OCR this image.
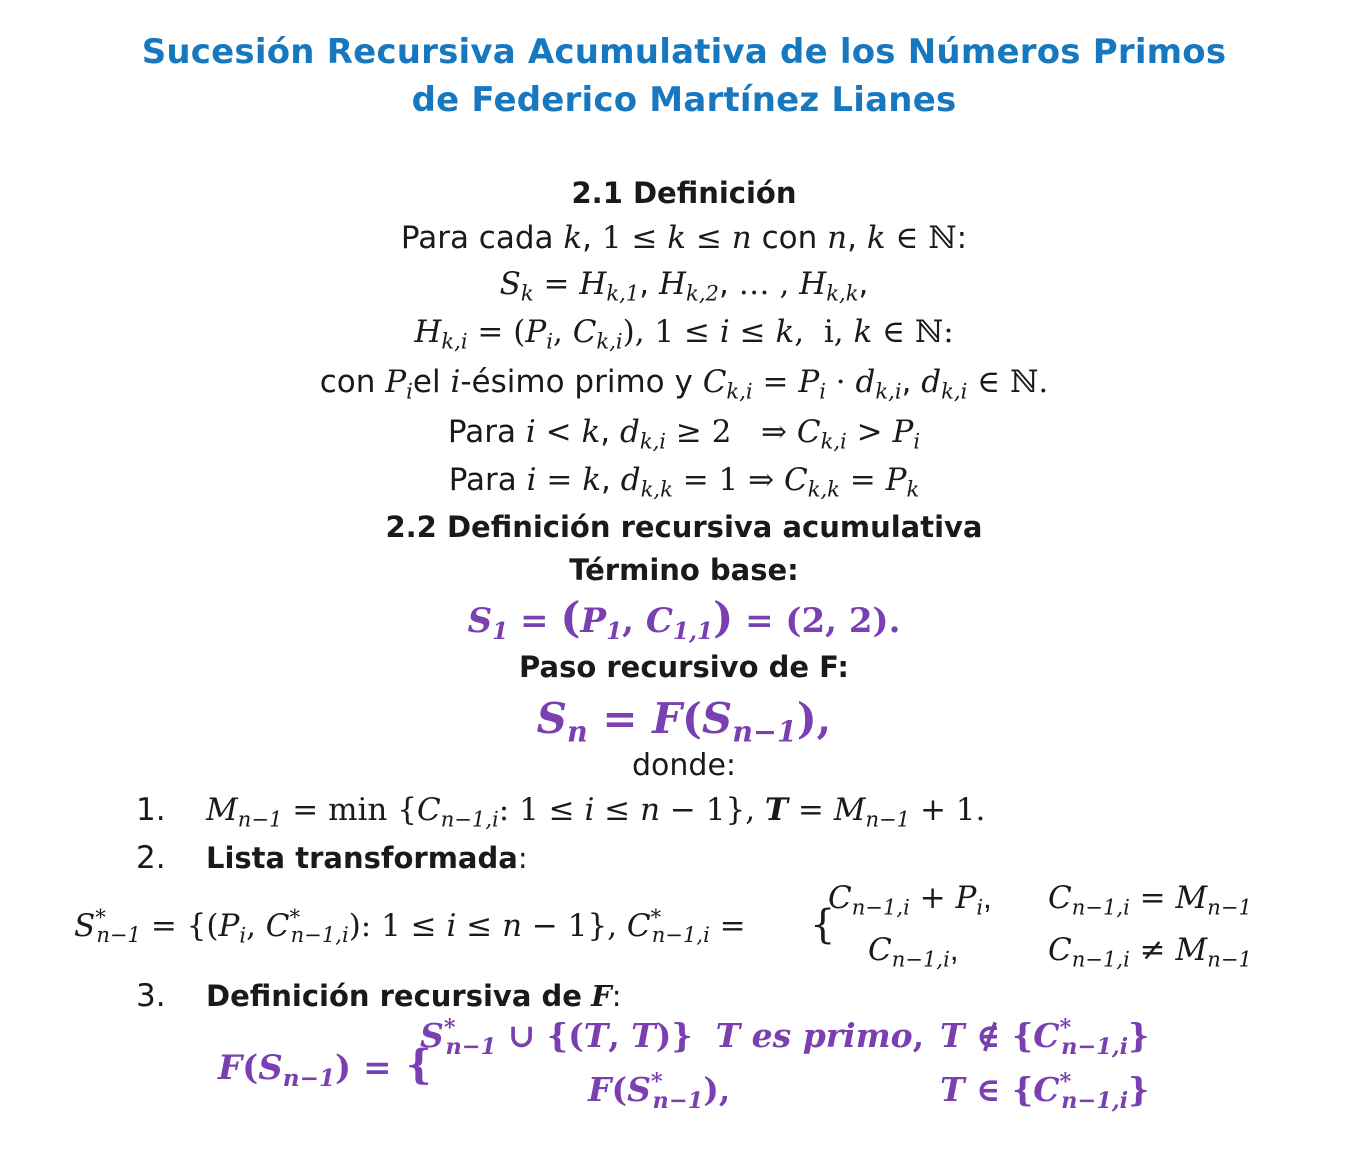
Sucesión Recursiva Acumulativa de los Números Primos
de Federico Martínez Lianes
2.1 Definición
Para cada k, 1 ≤ k ≤ n con n, k ∈ ℕ:
$S_k = H_{k,1}$, $H_{k,2}$, … , $H_{k,k}$,
$H_{k,i} = (P_i$, $C_{k,i}$), 1 ≤ i ≤ k,  i, k ∈ ℕ:
con $P_iel$ i-ésimo primo y $C_{k,i} = P_i \cdot d_{k,i}$, $d_{k,i}$ ∈ ℕ.
Para i < k, $d_{k,i} \ge 2$   ⇒ $C_{k,i} > P_i$
Para i = k, $d_{k,k} = 1$ ⇒ $C_{k,k} = P_k$
2.2 Definición recursiva acumulativa
Término base:
$S_1 = (P_1$, $C_{1,1}) = (2$, 2).
Paso recursivo de F:
$S_n = F(S_{n-1})$,
donde:
1. $M_{n-1} = \min \{C_{n-1,i}$: 1 ≤ i ≤ n − 1}, $T = M_{n-1} + 1$.
2. Lista transformada:
$S^*_{n-1} = \{(P_i$, $C^*_{n-1,i}$): 1 ≤ i ≤ n − 1}, $C^*_{n-1,i}$ = {
$C_{n-1,i} + P_i$,
$C_{n-1,i}$,
$C_{n-1,i} = M_{n-1}$
$C_{n-1,i} \ne M_{n-1}$
3. Definición recursiva de F:
$F(S_{n-1})$ = {
$S^*_{n-1}$ ∪ {(T, T)}  T es primo,
$F(S^*_{n-1})$,
T ∉ $\{C^*_{n-1,i}\}$
T ∈ $\{C^*_{n-1,i}\}$
